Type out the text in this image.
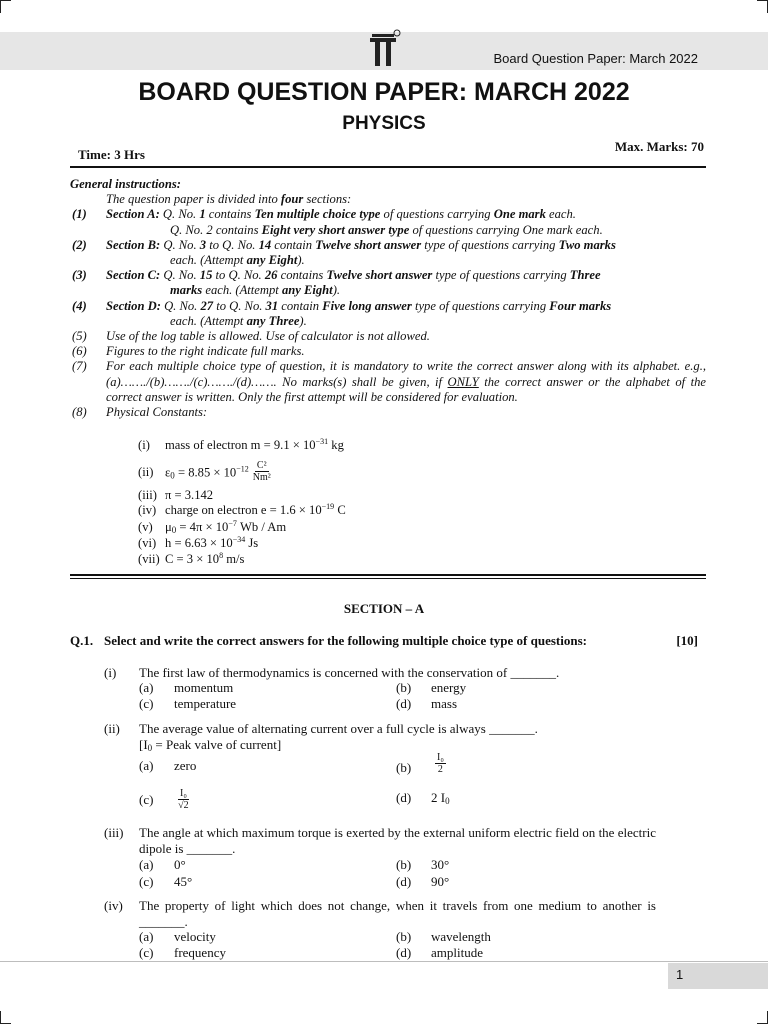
Board Question Paper: March 2022
BOARD QUESTION PAPER: MARCH 2022
PHYSICS
Time: 3 Hrs
Max. Marks: 70
General instructions:
The question paper is divided into four sections:
(1)	Section A: Q. No. 1 contains Ten multiple choice type of questions carrying One mark each.
Q. No. 2 contains Eight very short answer type of questions carrying One mark each.
(2)	Section B: Q. No. 3 to Q. No. 14 contain Twelve short answer type of questions carrying Two marks
each. (Attempt any Eight).
(3)	Section C: Q. No. 15 to Q. No. 26 contains Twelve short answer type of questions carrying Three
marks each. (Attempt any Eight).
(4)	Section D: Q. No. 27 to Q. No. 31 contain Five long answer type of questions carrying Four marks
each. (Attempt any Three).
(5)	Use of the log table is allowed. Use of calculator is not allowed.
(6)	Figures to the right indicate full marks.
(7)	For each multiple choice type of question, it is mandatory to write the correct answer along with its alphabet. e.g., (a)……./(b)……./(c)……./(d)……. No marks(s) shall be given, if ONLY the correct answer or the alphabet of the correct answer is written. Only the first attempt will be considered for evaluation.
(8)	Physical Constants:
(i) mass of electron $m = 9.1 \times 10^{-31}$ kg
(ii) $\varepsilon_0 = 8.85 \times 10^{-12} \frac{\text{C²}}{\text{Nm²}}$
(iii) π = 3.142
(iv) charge on electron $e = 1.6 \times 10^{-19}$ C
(v) $\mu_0 = 4\pi \times 10^{-7}$ Wb / Am
(vi) $h = 6.63 \times 10^{-34}$ Js
(vii) $C = 3 \times 10^8$ m/s
SECTION – A
Q.1. Select and write the correct answers for the following multiple choice type of questions:	[10]
(i)	The first law of thermodynamics is concerned with the conservation of _______.
(a) momentum	(b) energy
(c) temperature	(d) mass
(ii)	The average value of alternating current over a full cycle is always _______.
[$I_0$ = Peak valve of current]
(a) zero	$(b) \frac{\text{I₀}}{2}$
$(c) \frac{\text{I₀}}{√2}$	(d) 2 $I_0$
(iii)	The angle at which maximum torque is exerted by the external uniform electric field on the electric dipole is _______.
(a) 0°	(b) 30°
(c) 45°	(d) 90°
(iv)	The property of light which does not change, when it travels from one medium to another is _______.
(a) velocity	(b) wavelength
(c) frequency	(d) amplitude
1
